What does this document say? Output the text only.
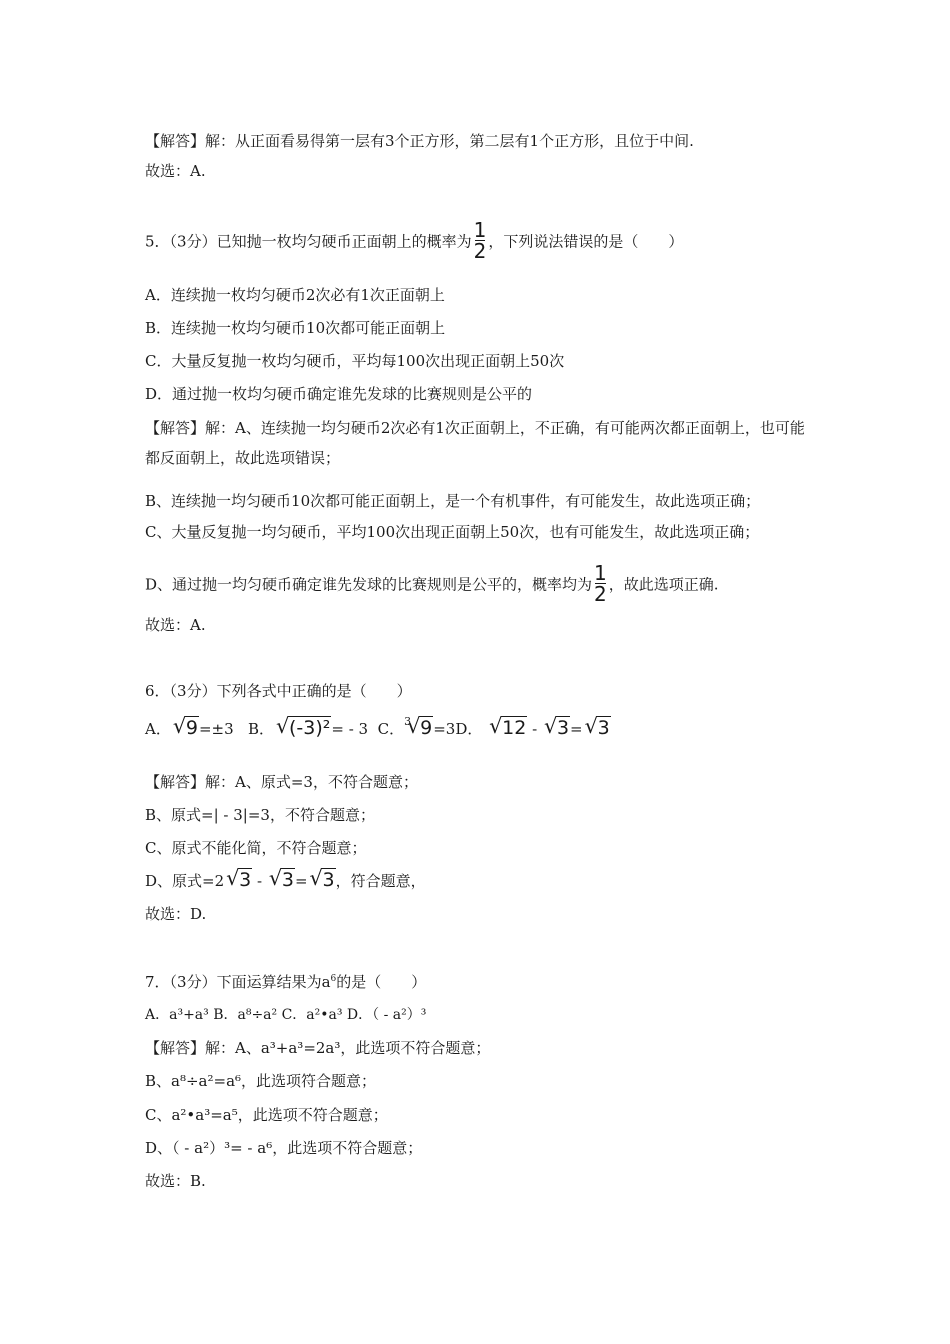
【解答】解：从正面看易得第一层有3个正方形，第二层有1个正方形，且位于中间.
故选：A.
5．（3分）已知抛一枚均匀硬币正面朝上的概率为 $\frac{1}{2}$ ，下列说法错误的是（　　）
A．连续抛一枚均匀硬币2次必有1次正面朝上
B．连续抛一枚均匀硬币10次都可能正面朝上
C．大量反复抛一枚均匀硬币，平均每100次出现正面朝上50次
D．通过抛一枚均匀硬币确定谁先发球的比赛规则是公平的
【解答】解：A、连续抛一均匀硬币2次必有1次正面朝上，不正确，有可能两次都正面朝上，也可能都反面朝上，故此选项错误；
B、连续抛一均匀硬币10次都可能正面朝上，是一个有机事件，有可能发生，故此选项正确；
C、大量反复抛一均匀硬币，平均100次出现正面朝上50次，也有可能发生，故此选项正确；
D、通过抛一均匀硬币确定谁先发球的比赛规则是公平的，概率均为 $\frac{1}{2}$ ，故此选项正确.
故选：A.
6．（3分）下列各式中正确的是（　　）
A． √ 9=±3 B． √ (-3)²= - 3 C．$^3$ √ 9=3D． √ 12 - √ 3= √ 3
【解答】解：A、原式=3，不符合题意；
B、原式=| - 3|=3，不符合题意；
C、原式不能化简，不符合题意；
D、原式=2 √ 3 - √ 3= √ 3，符合题意，
故选：D.
7．（3分）下面运算结果为$a^6$的是（　　）
A．a³+a³ B．a⁸÷a² C．a²•a³ D．（ - a²）³
【解答】解：A、a³+a³=2a³，此选项不符合题意；
B、a⁸÷a²=a⁶，此选项符合题意；
C、a²•a³=a⁵，此选项不符合题意；
D、（ - a²）³= - a⁶，此选项不符合题意；
故选：B.
